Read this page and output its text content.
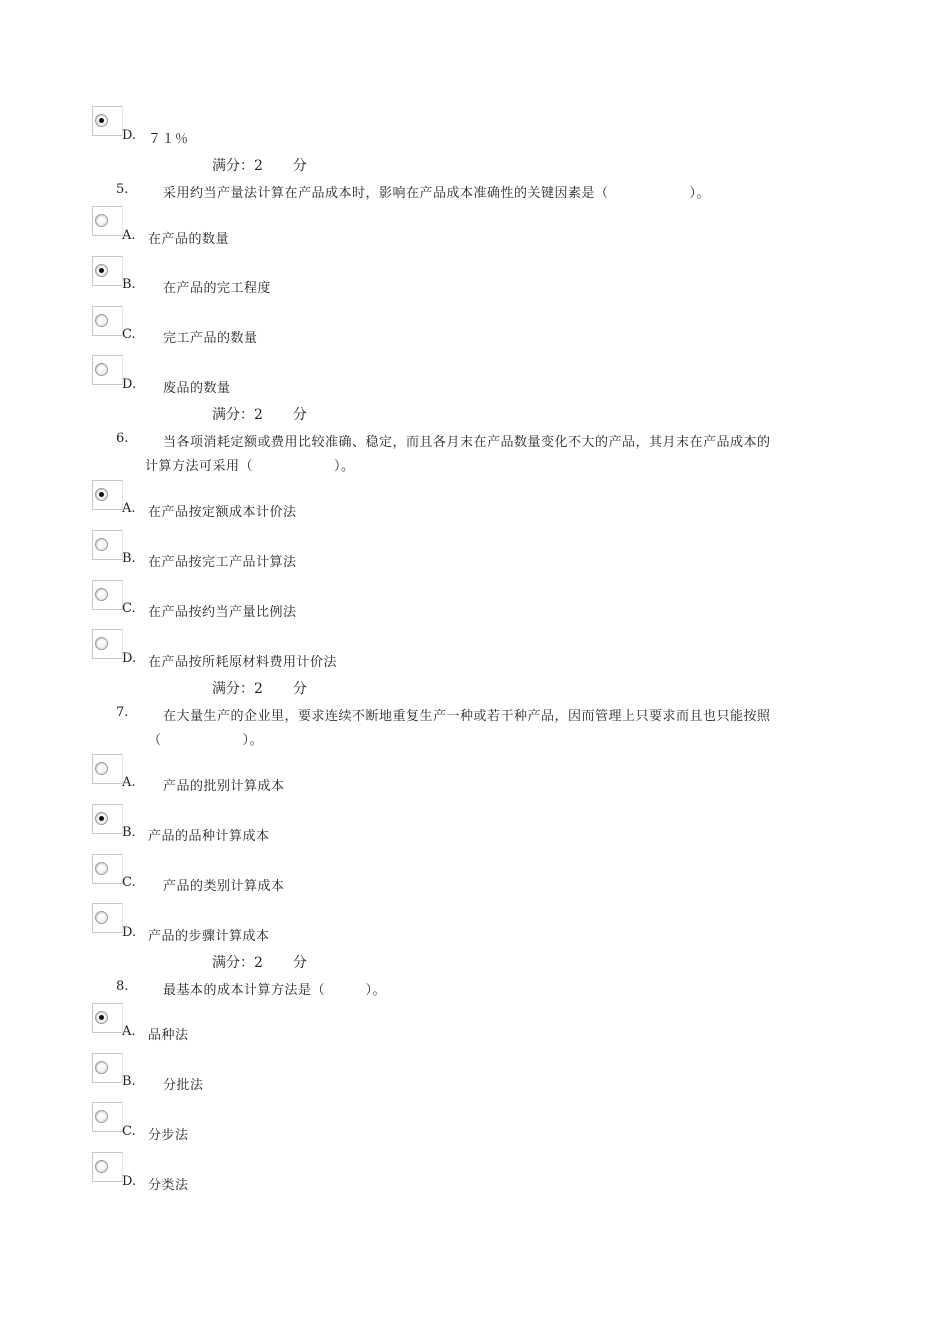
D. ７１％
满分：2 分
5.	采用约当产量法计算在产品成本时，影响在产品成本准确性的关键因素是（　　　　　　）。
A. 在产品的数量
B. 在产品的完工程度
C. 完工产品的数量
D. 废品的数量
满分：2 分
6.	当各项消耗定额或费用比较准确、稳定，而且各月末在产品数量变化不大的产品，其月末在产品成本的
计算方法可采用（　　　　　　）。
A. 在产品按定额成本计价法
B. 在产品按完工产品计算法
C. 在产品按约当产量比例法
D. 在产品按所耗原材料费用计价法
满分：2 分
7.	在大量生产的企业里，要求连续不断地重复生产一种或若干种产品，因而管理上只要求而且也只能按照
（　　　　　　）。
A. 产品的批别计算成本
B. 产品的品种计算成本
C. 产品的类别计算成本
D. 产品的步骤计算成本
满分：2 分
8.	最基本的成本计算方法是（　　　）。
A. 品种法
B. 分批法
C. 分步法
D. 分类法
